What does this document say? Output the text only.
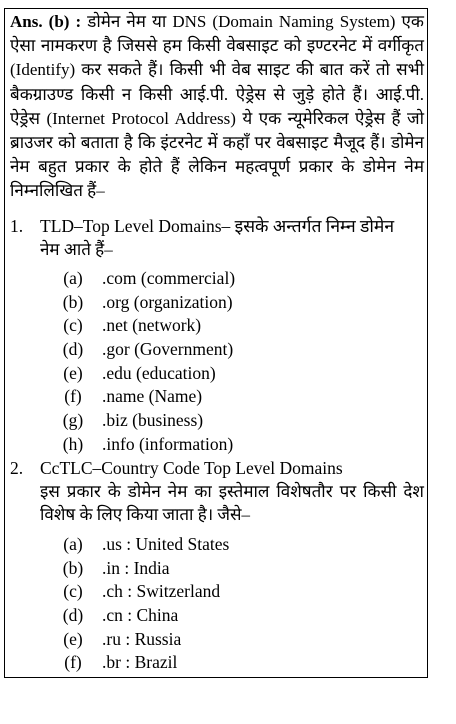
Ans. (b) : डोमेन नेम या DNS (Domain Naming System) एक ऐसा नामकरण है जिससे हम किसी वेबसाइट को इण्टरनेट में वर्गीकृत (Identify) कर सकते हैं। किसी भी वेब साइट की बात करें तो सभी बैकग्राउण्ड किसी न किसी आई.पी. ऐड्रेस से जुड़े होते हैं। आई.पी. ऐड्रेस (Internet Protocol Address) ये एक न्यूमेरिकल ऐड्रेस हैं जो ब्राउजर को बताता है कि इंटरनेट में कहाँ पर वेबसाइट मैजूद हैं। डोमेन नेम बहुत प्रकार के होते हैं लेकिन महत्वपूर्ण प्रकार के डोमेन नेम निम्नलिखित हैं–

1. TLD–Top Level Domains– इसके अन्तर्गत निम्न डोमेन
नेम आते हैं–
(a)	.com (commercial)
(b)	.org (organization)
(c)	.net (network)
(d)	.gor (Government)
(e)	.edu (education)
(f)	.name (Name)
(g)	.biz (business)
(h)	.info (information)
2. CcTLC–Country Code Top Level Domains
इस प्रकार के डोमेन नेम का इस्तेमाल विशेषतौर पर किसी देश विशेष के लिए किया जाता है। जैसे–
(a)	.us : United States
(b)	.in : India
(c)	.ch : Switzerland
(d)	.cn : China
(e)	.ru : Russia
(f)	.br : Brazil
